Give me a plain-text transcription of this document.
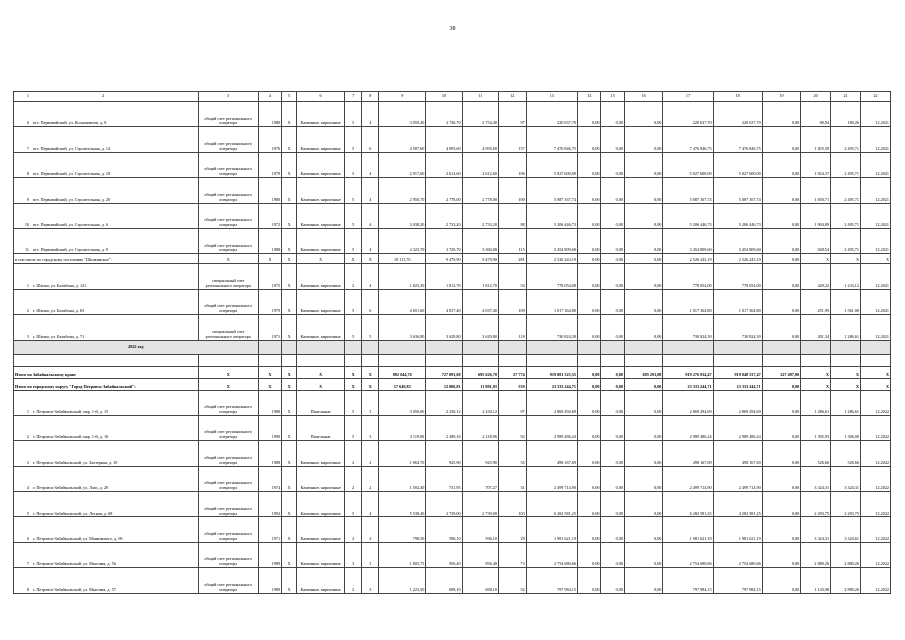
38
1 2	3	4	5	6	7	8	9	10	11	12	13	14	15	16	17	18	19	20	21	22
6 пгт. Первомайский, ул. Космонавтов, д. 8	общий счет регионального оператора	1980	X	Каменные, кирпичные	5	4	3 059,40	2 736,70	2 754,40	97	220 637,70	0,00	0,00	0,00	220 637,70	220 637,70	0,00	80,04	180,26	12.2021
7 пгт. Первомайский, ул. Строительная, д. 14	общий счет регионального оператора	1976	X	Каменные, кирпичные	5	6	4 587,60	4 095,60	4 095,60	157	7 476 846,75	0,00	0,00	0,00	7 476 846,75	7 476 846,75	0,00	1 825,58	2 495,71	12.2021
8 пгт. Первомайский, ул. Строительная, д. 18	общий счет регионального оператора	1979	X	Каменные, кирпичные	5	4	2 917,60	2 612,60	2 612,60	106	5 027 600,09	0,00	0,00	0,00	5 027 600,09	5 027 600,09	0,00	1 924,37	2 495,71	12.2021
9 пгт. Первомайский, ул. Строительная, д. 20	общий счет регионального оператора	1980	X	Каменные, кирпичные	5	4	2 950,70	2 778,00	2 778,00	100	5 087 167,74	0,00	0,00	0,00	5 087 167,74	5 087 167,74	0,00	1 830,71	2 495,71	12.2021
10 пгт. Первомайский, ул. Строительная, д. 6	общий счет регионального оператора	1972	X	Каменные, кирпичные	5	4	3 038,20	2 733,20	2 733,20	88	5 206 446,73	0,00	0,00	0,00	5 206 446,73	5 206 446,73	0,00	1 904,89	2 495,71	12.2021
11 пгт. Первомайский, ул. Строительная, д. 9	общий счет регионального оператора	1988	X	Каменные, кирпичные	5	4	4 323,70	3 720,70	3 360,00	115	3 454 809,60	0,00	0,00	0,00	3 454 809,60	3 454 809,60	0,00	928,54	2 495,71	12.2021
в том числе по городскому поселению "Шилкинское":	X	X	X	X	X	X	10 111,70	9 479,90	9 479,90	281	2 526 243,19	0,00	0,00	0,00	2 526 243,19	2 526 243,19	0,00	X	X	X
1 г. Шилка, ул. Балябина, д. 121	специальный счет регионального оператора	1975	X	Каменные, кирпичные	2	4	1 823,30	1 812,70	1 812,70	54	778 054,00	0,00	0,00	0,00	778 054,00	778 054,00	0,00	429,22	1 233,12	12.2021
2 г. Шилка, ул. Балябина, д. 65	общий счет регионального оператора	1979	X	Каменные, кирпичные	5	6	4 651,60	4 037,40	4 037,40	109	1 017 364,80	0,00	0,00	0,00	1 017 364,80	1 017 364,80	0,00	251,99	1 561,00	12.2021
3 г. Шилка, ул. Балябина, д. 71	специальный счет регионального оператора	1971	X	Каменные, кирпичные	5	5	3 636,80	3 629,80	3 629,80	118	730 824,39	0,00	0,00	0,00	730 824,39	730 824,39	0,00	201,34	1 286,61	12.2021
2022 год																				

Итого по Забайкальскому краю:	X	X	X	X	X	X	882 644,76	727 093,68	695 626,70	27 774	919 881 325,55	0,00	0,00	605 291,08	919 276 034,47	919 048 537,47	227 497,00	X	X	X
Итого по городскому округу "Город Петровск-Забайкальский":	X	X	X	X	X	X	17 649,83	12 006,81	11 891,93	539	23 333 244,71	0,00	0,00	0,00	23 333 244,71	23 333 244,71	0,00	X	X	X
1 г. Петровск-Забайкальский, мкр. 1-й, д. 15	общий счет регионального оператора	1988	X	Панельные	5	3	3 050,00	2 230,12	2 230,12	97	2 869 294,69	0,00	0,00	0,00	2 869 294,69	2 869 294,69	0,00	1 286,61	1 286,61	12.2022
2 г. Петровск-Забайкальский, мкр. 1-й, д. 16	общий счет регионального оператора	1990	X	Панельные	5	3	3 119,00	2 289,16	2 218,96	92	2 989 486,24	0,00	0,00	0,00	2 989 486,24	2 989 486,24	0,00	1 305,93	1 306,00	12.2022
3 г. Петровск-Забайкальский, ул. Заозерная, д. 10	общий счет регионального оператора	1988	X	Каменные, кирпичные	2	2	1 064,70	945,90	945,90	35	498 167,69	0,00	0,00	0,00	498 167,69	498 167,69	0,00	526,66	526,66	12.2022
4 г. Петровск-Забайкальский, ул. Лазо, д. 20	общий счет регионального оператора	1974	X	Каменные, кирпичные	2	2	1 502,40	751,95	707,27	31	2 499 714,90	0,00	0,00	0,00	2 499 714,90	2 499 714,90	0,00	3 324,31	3 324,31	12.2022
5 г. Петровск-Забайкальский, ул. Лесная, д. 68	общий счет регионального оператора	1992	X	Каменные, кирпичные	5	4	5 538,40	2 739,00	2 739,00	103	6 282 581,25	0,00	0,00	0,00	6 282 581,25	4 282 581,25	0,00	2 293,75	2 293,75	12.2022
6 г. Петровск-Забайкальский, ул. Маяковского, д. 69	общий счет регионального оператора	1971	X	Каменные, кирпичные	2	2	798,50	596,10	596,10	29	1 981 621,19	0,00	0,00	0,00	1 981 621,19	1 981 621,19	0,00	3 324,31	3 324,61	12.2022
7 г. Петровск-Забайкальский, ул. Мысовая, д. 56	общий счет регионального оператора	1989	X	Каменные, кирпичные	3	3	1 805,75	956,40	956,40	73	2 754 680,66	0,00	0,00	0,00	2 754 680,66	2 754 680,66	0,00	2 880,26	2 880,26	12.2022
8 г. Петровск-Забайкальский, ул. Мысовая, д. 57	общий счет регионального оператора	1989	X	Каменные, кирпичные	2	3	1 223,50	698,10	698,10	52	797 984,15	0,00	0,00	0,00	797 984,15	797 984,15	0,00	1 143,08	2 880,26	12.2022
